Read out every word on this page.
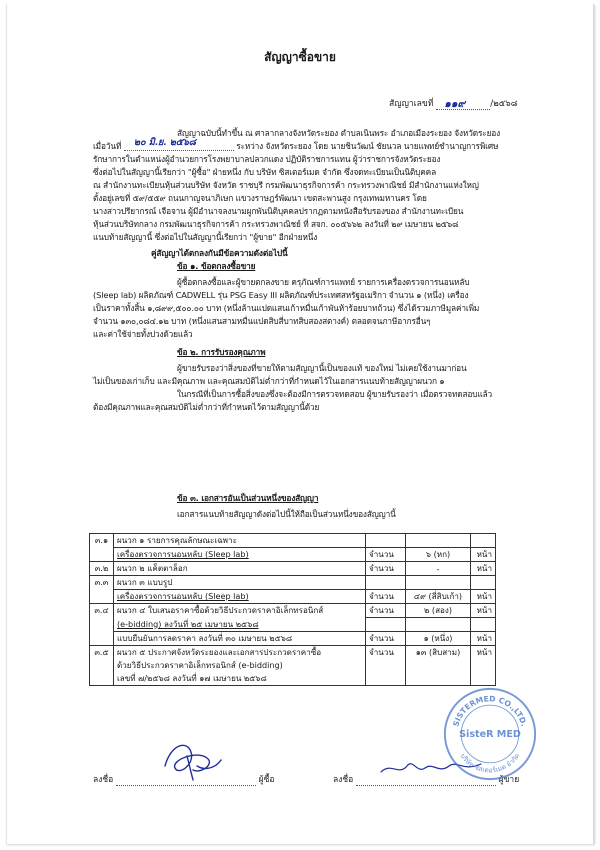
สัญญาซื้อขาย
สัญญาเลขที่ ๑๑๙	/๒๕๖๘
สัญญาฉบับนี้ทำขึ้น ณ ศาลากลางจังหวัดระยอง ตำบลเนินพระ อำเภอเมืองระยอง จังหวัดระยอง
เมื่อวันที่ ๒๐ มิ.ย. ๒๕๖๘	ระหว่าง จังหวัดระยอง โดย นายชินวัฒน์ ชัยนวล นายแพทย์ชำนาญการพิเศษ
รักษาการในตำแหน่งผู้อำนวยการโรงพยาบาลปลวกแดง ปฏิบัติราชการแทน ผู้ว่าราชการจังหวัดระยอง
ซึ่งต่อไปในสัญญานี้เรียกว่า "ผู้ซื้อ" ฝ่ายหนึ่ง กับ บริษัท ซิสเตอร์เมด จำกัด ซึ่งจดทะเบียนเป็นนิติบุคคล
ณ สำนักงานทะเบียนหุ้นส่วนบริษัท จังหวัด ราชบุรี กรมพัฒนาธุรกิจการค้า กระทรวงพาณิชย์ มีสำนักงานแห่งใหญ่
ตั้งอยู่เลขที่ ๕๙/๕๕๙ ถนนกาญจนาภิเษก แขวงราษฎร์พัฒนา เขตสะพานสูง กรุงเทพมหานคร โดย
นางสาวปรียากรณ์ เจือจาน ผู้มีอำนาจลงนามผูกพันนิติบุคคลปรากฏตามหนังสือรับรองของ สำนักงานทะเบียน
หุ้นส่วนบริษัทกลาง กรมพัฒนาธุรกิจการค้า กระทรวงพาณิชย์ ที่ สจก. ๐๐๕๖๖๒ ลงวันที่ ๒๙ เมษายน ๒๕๖๘
แนบท้ายสัญญานี้ ซึ่งต่อไปในสัญญานี้เรียกว่า "ผู้ขาย" อีกฝ่ายหนึ่ง
คู่สัญญาได้ตกลงกันมีข้อความดังต่อไปนี้
ข้อ ๑. ข้อตกลงซื้อขาย
ผู้ซื้อตกลงซื้อและผู้ขายตกลงขาย ครุภัณฑ์การแพทย์ รายการเครื่องตรวจการนอนหลับ
(Sleep lab) ผลิตภัณฑ์ CADWELL รุ่น PSG Easy III ผลิตภัณฑ์ประเทศสหรัฐอเมริกา จำนวน ๑ (หนึ่ง) เครื่อง
เป็นราคาทั้งสิ้น ๑,๘๙๙,๕๐๐.๐๐ บาท (หนึ่งล้านแปดแสนเก้าหมื่นเก้าพันห้าร้อยบาทถ้วน) ซึ่งได้รวมภาษีมูลค่าเพิ่ม
จำนวน ๑๓๐,๐๘๔.๑๒ บาท (หนึ่งแสนสามหมื่นแปดสิบสี่บาทสิบสองสตางค์) ตลอดจนภาษีอากรอื่นๆ
และค่าใช้จ่ายทั้งปวงด้วยแล้ว
ข้อ ๒. การรับรองคุณภาพ
ผู้ขายรับรองว่าสิ่งของที่ขายให้ตามสัญญานี้เป็นของแท้ ของใหม่ ไม่เคยใช้งานมาก่อน
ไม่เป็นของเก่าเก็บ และมีคุณภาพ และคุณสมบัติไม่ต่ำกว่าที่กำหนดไว้ในเอกสารแนบท้ายสัญญาผนวก ๑
ในกรณีที่เป็นการซื้อสิ่งของซึ่งจะต้องมีการตรวจทดสอบ ผู้ขายรับรองว่า เมื่อตรวจทดสอบแล้ว
ต้องมีคุณภาพและคุณสมบัติไม่ต่ำกว่าที่กำหนดไว้ตามสัญญานี้ด้วย
ข้อ ๓. เอกสารอันเป็นส่วนหนึ่งของสัญญา
เอกสารแนบท้ายสัญญาดังต่อไปนี้ให้ถือเป็นส่วนหนึ่งของสัญญานี้
๓.๑	ผนวก ๑ รายการคุณลักษณะเฉพาะ			
	เครื่องตรวจการนอนหลับ (Sleep lab)	จำนวน	๖ (หก)	หน้า
๓.๒	ผนวก ๒ แค็ตตาล็อก	จำนวน	-	หน้า
๓.๓	ผนวก ๓ แบบรูป			
	เครื่องตรวจการนอนหลับ (Sleep lab)	จำนวน	๔๙ (สี่สิบเก้า)	หน้า
๓.๔	ผนวก ๔ ใบเสนอราคาซื้อด้วยวิธีประกวดราคาอิเล็กทรอนิกส์	จำนวน	๒ (สอง)	หน้า
	(e-bidding) ลงวันที่ ๒๕ เมษายน ๒๕๖๘			
	แบบยืนยันการลดราคา ลงวันที่ ๓๐ เมษายน ๒๕๖๘	จำนวน	๑ (หนึ่ง)	หน้า
๓.๕	ผนวก ๕ ประกาศจังหวัดระยองและเอกสารประกวดราคาซื้อ	จำนวน	๑๓ (สิบสาม)	หน้า
	ด้วยวิธีประกวดราคาอิเล็กทรอนิกส์ (e-bidding)			
	เลขที่ ๗/๒๕๖๘ ลงวันที่ ๑๗ เมษายน ๒๕๖๘			
ลงชื่อ	ผู้ซื้อ	ลงชื่อ	ผู้ขาย
SISTERMED CO.,LTD.
SisteR MED
บริษัท ซิสเตอร์เมด จำกัด
